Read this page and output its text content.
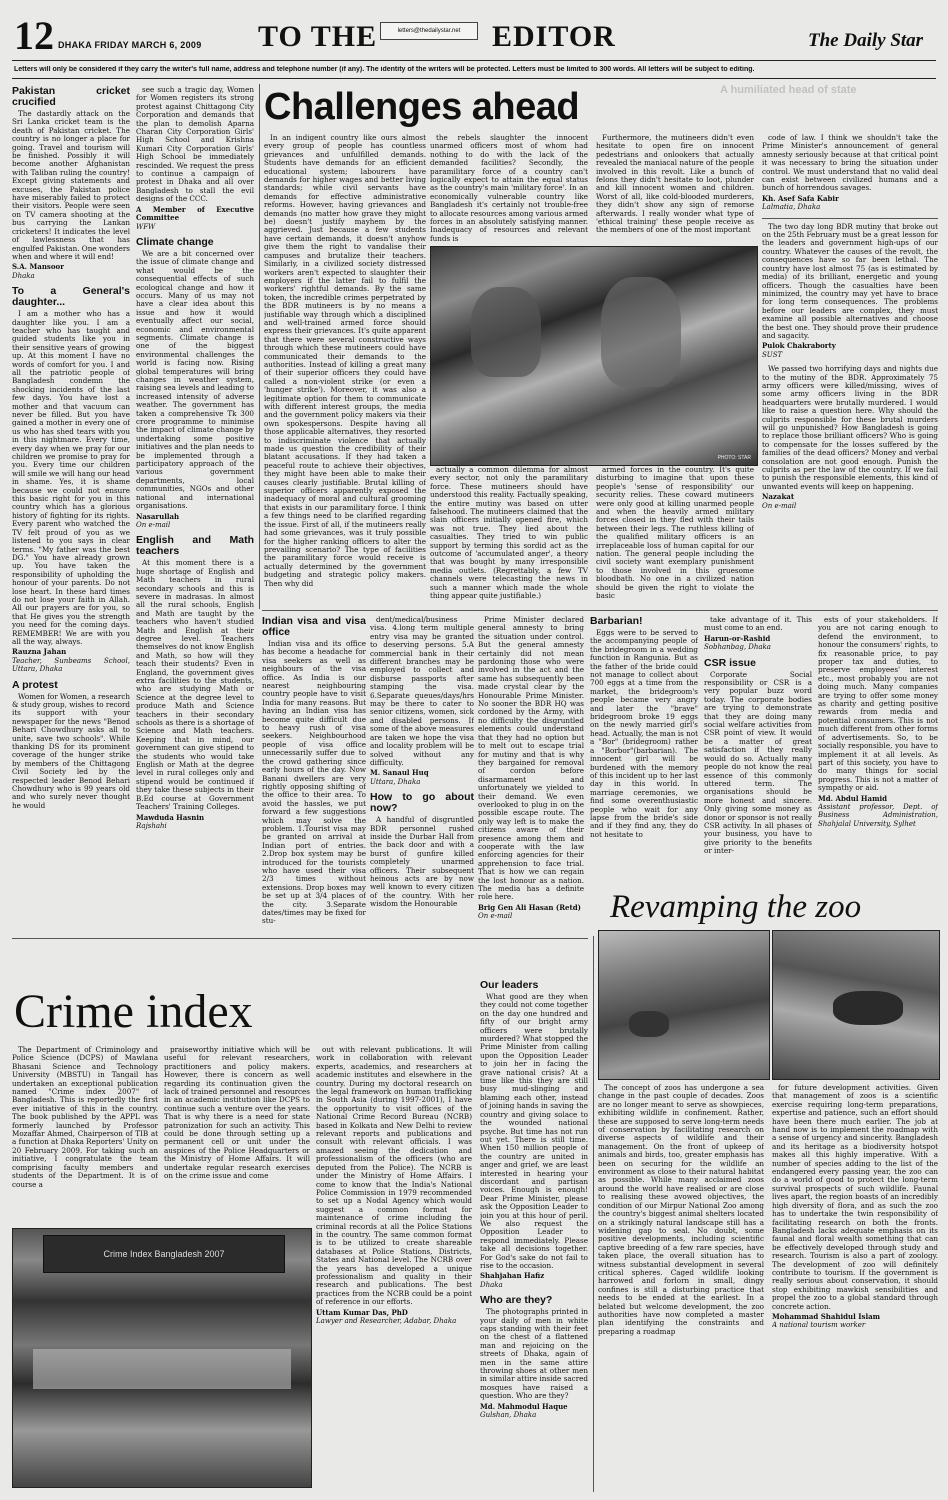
12 DHAKA FRIDAY MARCH 6, 2009 TO THE	letters@thedailystar.net	EDITOR	The Daily Star
Letters will only be considered if they carry the writer's full name, address and telephone number (if any). The identity of the writers will be protected. Letters must be limited to 300 words. All letters will be subject to editing.
A humiliated head of state
Pakistan cricket crucified

The dastardly attack on the Sri Lanka cricket team is the death of Pakistan cricket. The country is no longer a place for going. Travel and tourism will be finished. Possibly it will become another Afghanistan with Taliban ruling the country! Except giving statements and excuses, the Pakistan police have miserably failed to protect their visitors. People were seen on TV camera shooting at the bus carrying the Lankan cricketers! It indicates the level of lawlessness that has engulfed Pakistan. One wonders when and where it will end!

S.A. Mansoor

Dhaka

To a General's daughter...

I am a mother who has a daughter like you. I am a teacher who has taught and guided students like you in their sensitive years of growing up. At this moment I have no words of comfort for you. I and all the patriotic people of Bangladesh condemn the shocking incidents of the last few days. You have lost a mother and that vacuum can never be filled. But you have gained a mother in every one of us who has shed tears with you in this nightmare. Every time, every day when we pray for our children we promise to pray for you. Every time our children will smile we will hang our head in shame. Yes, it is shame because we could not ensure this basic right for you in this country which has a glorious history of fighting for its rights. Every parent who watched the TV felt proud of you as we listened to you says in clear terms. "My father was the best DG." You have already grown up. You have taken the responsibility of upholding the honour of your parents. Do not lose heart. In these hard times do not lose your faith in Allah. All our prayers are for you, so that He gives you the strength you need for the coming days. REMEMBER! We are with you all the way, always.

Rauzna Jahan

Teacher, Sunbeams School, Uttara, Dhaka

A protest

Women for Women, a research & study group, wishes to record its support with your newspaper for the news "Benod Behari Chowdhury asks all to unite, save two schools". While thanking DS for its prominent coverage of the hunger strike by members of the Chittagong Civil Society led by the respected leader Benod Behari Chowdhury who is 99 years old and who surely never thought he would

see such a tragic day, Women for Women registers its strong protest against Chittagong City Corporation and demands that the plan to demolish Aparna Charan City Corporation Girls' High School and Krishna Kumari City Corporation Girls' High School be immediately rescinded. We request the press to continue a campaign of protest in Dhaka and all over Bangladesh to stall the evil designs of the CCC.

A Member of Executive Committee

WFW

Climate change

We are a bit concerned over the issue of climate change and what would be the consequential effects of such ecological change and how it occurs. Many of us may not have a clear idea about this issue and how it would eventually affect our social, economic and environmental segments. Climate change is one of the biggest environmental challenges the world is facing now. Rising global temperatures will bring changes in weather system, raising sea levels and leading to increased intensity of adverse weather. The government has taken a comprehensive Tk 300 crore programme to minimise the impact of climate change by undertaking some positive initiatives and the plan needs to be implemented through a participatory approach of the various government departments, local communities, NGOs and other national and international organisations.

Nasarullah

On e-mail

English and Math teachers

At this moment there is a huge shortage of English and Math teachers in rural secondary schools and this is severe in madrasas. In almost all the rural schools, English and Math are taught by the teachers who haven't studied Math and English at their degree level. Teachers themselves do not know English and Math, so how will they teach their students? Even in England, the government gives extra facilities to the students, who are studying Math or Science at the degree level to produce Math and Science teachers in their secondary schools as there is a shortage of Science and Math teachers. Keeping that in mind, our government can give stipend to the students who would take English or Math at the degree level in rural colleges only and stipend would be continued if they take these subjects in their B.Ed course at Government Teachers' Training Colleges.

Mawduda Hasnin

Rajshahi

Challenges ahead

In an indigent country like ours almost every group of people has countless grievances and unfulfilled demands. Students have demands for an efficient educational system; labourers have demands for higher wages and better living standards; while civil servants have demands for effective administrative reforms. However, having grievances and demands (no matter how grave they might be) doesn't justify mayhem by the aggrieved. Just because a few students have certain demands, it doesn't anyhow give them the right to vandalise their campuses and brutalize their teachers. Similarly, in a civilized society distressed workers aren't expected to slaughter their employers if the latter fail to fulfil the workers' rightful demands. By the same token, the incredible crimes perpetrated by the BDR mutineers is by no means a justifiable way through which a disciplined and well-trained armed force should express their grievances. It's quite apparent that there were several constructive ways through which these mutineers could have communicated their demands to the authorities. Instead of killing a great many of their superior officers they could have called a non-violent strike (or even a 'hunger strike'). Moreover, it was also a legitimate option for them to communicate with different interest groups, the media and the government policy makers via their own spokespersons. Despite having all those applicable alternatives, they resorted to indiscriminate violence that actually made us question the credibility of their blatant accusations. If they had taken a peaceful route to achieve their objectives, they might have been able to make their causes clearly justifiable. Brutal killing of superior officers apparently exposed the inadequacy of moral and cultural grooming that exists in our paramilitary force. I think a few things need to be clarified regarding the issue. First of all, if the mutineers really had some grievances, was it truly possible for the higher ranking officers to alter the prevailing scenario? The type of facilities the paramilitary force would receive is actually determined by the government budgeting and strategic policy makers. Then why did

the rebels slaughter the innocent unarmed officers most of whom had nothing to do with the lack of the demanded facilities? Secondly, the paramilitary force of a country can't logically expect to attain the equal status as the country's main 'military force'. In an economically vulnerable country like Bangladesh it's certainly not trouble-free to allocate resources among various armed forces in an absolutely satisfying manner. Inadequacy of resources and relevant funds is

Furthermore, the mutineers didn't even hesitate to open fire on innocent pedestrians and onlookers that actually revealed the maniacal nature of the people involved in this revolt. Like a bunch of felons they didn't hesitate to loot, plunder and kill innocent women and children. Worst of all, like cold-blooded murderers, they didn't show any sign of remorse afterwards. I really wonder what type of 'ethical training' these people receive as the members of one of the most important

PHOTO: STAR

actually a common dilemma for almost every sector, not only the paramilitary force. These mutineers should have understood this reality. Factually speaking, the entire mutiny was based on utter falsehood. The mutineers claimed that the slain officers initially opened fire, which was not true. They lied about the casualties. They tried to win public support by terming this sordid act as the outcome of 'accumulated anger', a theory that was bought by many irresponsible media outlets. (Regrettably, a few TV channels were telecasting the news in such a manner which made the whole thing appear quite justifiable.)

armed forces in the country. It's quite disturbing to imagine that upon these people's 'sense of responsibility' our security relies. These coward mutineers were only good at killing unarmed people and when the heavily armed military forces closed in they fled with their tails between their legs. The ruthless killing of the qualified military officers is an irreplaceable loss of human capital for our nation. The general people including the civil society want exemplary punishment to those involved in this gruesome bloodbath. No one in a civilized nation should be given the right to violate the basic

code of law. I think we shouldn't take the Prime Minister's announcement of general amnesty seriously because at that critical point it was necessary to bring the situation under control. We must understand that no valid deal can exist between civilized humans and a bunch of horrendous savages.

Kh. Asef Safa Kabir

Lalmatia, Dhaka

The two day long BDR mutiny that broke out on the 25th February must be a great lesson for the leaders and government high-ups of our country. Whatever the causes of the revolt, the consequences have so far been lethal. The country have lost almost 75 (as is estimated by media) of its brilliant, energetic and young officers. Though the casualties have been minimized, the country may yet have to brace for long term consequences. The problems before our leaders are complex, they must examine all possible alternatives and choose the best one. They should prove their prudence and sagacity.

Pulok Chakraborty

SUST

We passed two horrifying days and nights due to the mutiny of the BDR. Approximately 75 army officers were killed/missing, wives of some army officers living in the BDR headquarters were brutally murdered. I would like to raise a question here. Why should the culprits responsible for these brutal murders will go unpunished? How Bangladesh is going to replace those brilliant officers? Who is going to compensate for the losses suffered by the families of the dead officers? Money and verbal consolation are not good enough. Punish the culprits as per the law of the country. If we fail to punish the responsible elements, this kind of unwanted events will keep on happening.

Nazakat

On e-mail

Indian visa and visa office

Indian visa and its office has become a headache for visa seekers as well as neighbours of the visa office. As India is our nearest neighbouring country people have to visit India for many reasons. But having an Indian visa has become quite difficult due to heavy rush of visa seekers. Neighbourhood people of visa office unnecessarily suffer due to the crowd gathering since early hours of the day. Now Banani dwellers are very rightly opposing shifting of the office to their area. To avoid the hassles, we put forward a few suggestions which may solve the problem. 1.Tourist visa may be granted on arrival at Indian port of entries. 2.Drop box system may be introduced for the tourists who have used their visa 2/3 times without extensions. Drop boxes may be set up at 3/4 places of the city. 3.Separate dates/times may be fixed for stu-

dent/medical/business visa. 4.long term multiple entry visa may be granted to deserving persons. 5.A commercial bank in their different branches may be employed to collect and disburse passports after stamping the visa. 6.Separate queues/days/hrs may be there to cater to senior citizens, women, sick and disabled persons. If some of the above measures are taken we hope the visa and locality problem will be solved without any difficulty.

M. Sanaul Huq

Uttara, Dhaka

How to go about now?

A handful of disgruntled BDR personnel rushed inside the Durbar Hall from the back door and with a burst of gunfire killed completely unarmed officers. Their subsequent heinous acts are by now well known to every citizen of the country. With her wisdom the Honourable

Prime Minister declared general amnesty to bring the situation under control. But the general amnesty certainly did not mean pardoning those who were involved in the act and the same has subsequently been made crystal clear by the Honourable Prime Minister. No sooner the BDR HQ was cordoned by the Army, with no difficulty the disgruntled elements could understand that they had no option but to melt out to escape trial for mutiny and that is why they bargained for removal of cordon before disarmament and unfortunately we yielded to their demand. We even overlooked to plug in on the possible escape route. The only way left is to make the citizens aware of their presence among them and cooperate with the law enforcing agencies for their apprehension to face trial. That is how we can regain the lost honour as a nation. The media has a definite role here.

Brig Gen Ali Hasan (Retd)

On e-mail

Barbarian!

Eggs were to be served to the accompanying people of the bridegroom in a wedding function in Rangunia. But as the father of the bride could not manage to collect about 700 eggs at a time from the market, the bridegroom's people became very angry and later the "brave" bridegroom broke 19 eggs on the newly married girl's head. Actually, the man is not a "Bor" (bridegroom) rather a "Borbor"(barbarian). The innocent girl will be burdened with the memory of this incident up to her last day in this world. In marriage ceremonies, we find some overenthusiastic people who wait for any lapse from the bride's side and if they find any, they do not hesitate to

take advantage of it. This must come to an end.

Harun-or-Rashid

Sobhanbag, Dhaka

CSR issue

Corporate Social responsibility or CSR is a very popular buzz word today. The corporate bodies are trying to demonstrate that they are doing many social welfare activities from CSR point of view. It would be a matter of great satisfaction if they really would do so. Actually many people do not know the real essence of this commonly uttered term. The organisations should be more honest and sincere. Only giving some money as donor or sponsor is not really CSR activity. In all phases of your business, you have to give priority to the benefits or inter-

ests of your stakeholders. If you are not caring enough to defend the environment, to honour the consumers' rights, to fix reasonable price, to pay proper tax and duties, to preserve employees' interest etc., most probably you are not doing much. Many companies are trying to offer some money as charity and getting positive rewards from media and potential consumers. This is not much different from other forms of advertisements. So, to be socially responsible, you have to implement it at all levels. As part of this society, you have to do many things for social progress. This is not a matter of sympathy or aid.

Md. Abdul Hamid

Assistant professor, Dept. of Business Administration, Shahjalal University, Sylhet

Revamping the zoo
Crime index

The Department of Criminology and Police Science (DCPS) of Mawlana Bhasani Science and Technology University (MBSTU) in Tangail has undertaken an exceptional publication named "Crime index 2007" of Bangladesh. This is reportedly the first ever initiative of this in the country. The book published by the APPL was formerly launched by Professor Mozaffar Ahmed, Chairperson of TIB at a function at Dhaka Reporters' Unity on 20 February 2009. For taking such an initiative, I congratulate the team comprising faculty members and students of the Department. It is of course a

praiseworthy initiative which will be useful for relevant researchers, practitioners and policy makers. However, there is concern as well regarding its continuation given the lack of trained personnel and resources in an academic institution like DCPS to continue such a venture over the years. That is why there is a need for state patronization for such an activity. This could be done through setting up a permanent cell or unit under the auspices of the Police Headquarters or the Ministry of Home Affairs. It will undertake regular research exercises on the crime issue and come

out with relevant publications. It will work in collaboration with relevant experts, academics, and researchers at academic institutes and elsewhere in the country. During my doctoral research on the legal framework on human trafficking in South Asia (during 1997-2001), I have the opportunity to visit offices of the National Crime Record Bureau (NCRB) based in Kolkata and New Delhi to review relevant reports and publications and consult with relevant officials. I was amazed seeing the dedication and professionalism of the officers (who are deputed from the Police). The NCRB is under the Ministry of Home Affairs. I come to know that the India's National Police Commission in 1979 recommended to set up a Nodal Agency which would suggest a common format for maintenance of crime including the criminal records at all the Police Stations in the country. The same common format is to be utilized to create shareable databases at Police Stations, Districts, States and National level. The NCRB over the years has developed a unique professionalism and quality in their research and publications. The best practices from the NCRB could be a point of reference in our efforts.

Uttam Kumar Das, PhD

Lawyer and Researcher, Adabar, Dhaka

Crime Index Bangladesh 2007
Our leaders

What good are they when they could not come together on the day one hundred and fifty of our bright army officers were brutally murdered? What stopped the Prime Minister from calling upon the Opposition Leader to join her in facing the grave national crisis? At a time like this they are still busy mud-slinging and blaming each other, instead of joining hands in saving the country and giving solace to the wounded national psyche. But time has not run out yet. There is still time. When 150 million people of the country are united in anger and grief, we are least interested in hearing your discordant and partisan voices. Enough is enough! Dear Prime Minister, please ask the Opposition Leader to join you at this hour of peril. We also request the Opposition Leader to respond immediately. Please take all decisions together. For God's sake do not fail to rise to the occasion.

Shahjahan Hafiz

Dhaka

Who are they?

The photographs printed in your daily of men in white caps standing with their feet on the chest of a flattened man and rejoicing on the streets of Dhaka, again of men in the same attire throwing shoes at other men in similar attire inside sacred mosques have raised a question. Who are they?

Md. Mahmodul Haque

Gulshan, Dhaka

The concept of zoos has undergone a sea change in the past couple of decades. Zoos are no longer meant to serve as showpieces, exhibiting wildlife in confinement. Rather, these are supposed to serve long-term needs of conservation by facilitating research on diverse aspects of wildlife and their management. On the front of upkeep of animals and birds, too, greater emphasis has been on securing for the wildlife an environment as close to their natural habitat as possible. While many acclaimed zoos around the world have realised or are close to realising these avowed objectives, the condition of our Mirpur National Zoo among the country's biggest animal shelters located on a strikingly natural landscape still has a widening gap to seal. No doubt, some positive developments, including scientific captive breeding of a few rare species, have taken place, the overall situation has to witness substantial development in several critical spheres. Caged wildlife looking harrowed and forlorn in small, dingy confines is still a disturbing practice that needs to be ended at the earliest. In a belated but welcome development, the zoo authorities have now completed a master plan identifying the constraints and preparing a roadmap

for future development activities. Given that management of zoos is a scientific exercise requiring long-term preparations, expertise and patience, such an effort should have been there much earlier. The job at hand now is to implement the roadmap with a sense of urgency and sincerity. Bangladesh and its heritage as a biodiversity hotspot makes all this highly imperative. With a number of species adding to the list of the endangered every passing year, the zoo can do a world of good to protect the long-term survival prospects of such wildlife. Faunal lives apart, the region boasts of an incredibly high diversity of flora, and as such the zoo has to undertake the twin responsibility of facilitating research on both the fronts. Bangladesh lacks adequate emphasis on its faunal and floral wealth something that can be effectively developed through study and research. Tourism is also a part of zoology. The development of zoo will definitely contribute to tourism. If the government is really serious about conservation, it should stop exhibiting mawkish sensibilities and propel the zoo to a global standard through concrete action.

Mohammad Shahidul Islam

A national tourism worker
